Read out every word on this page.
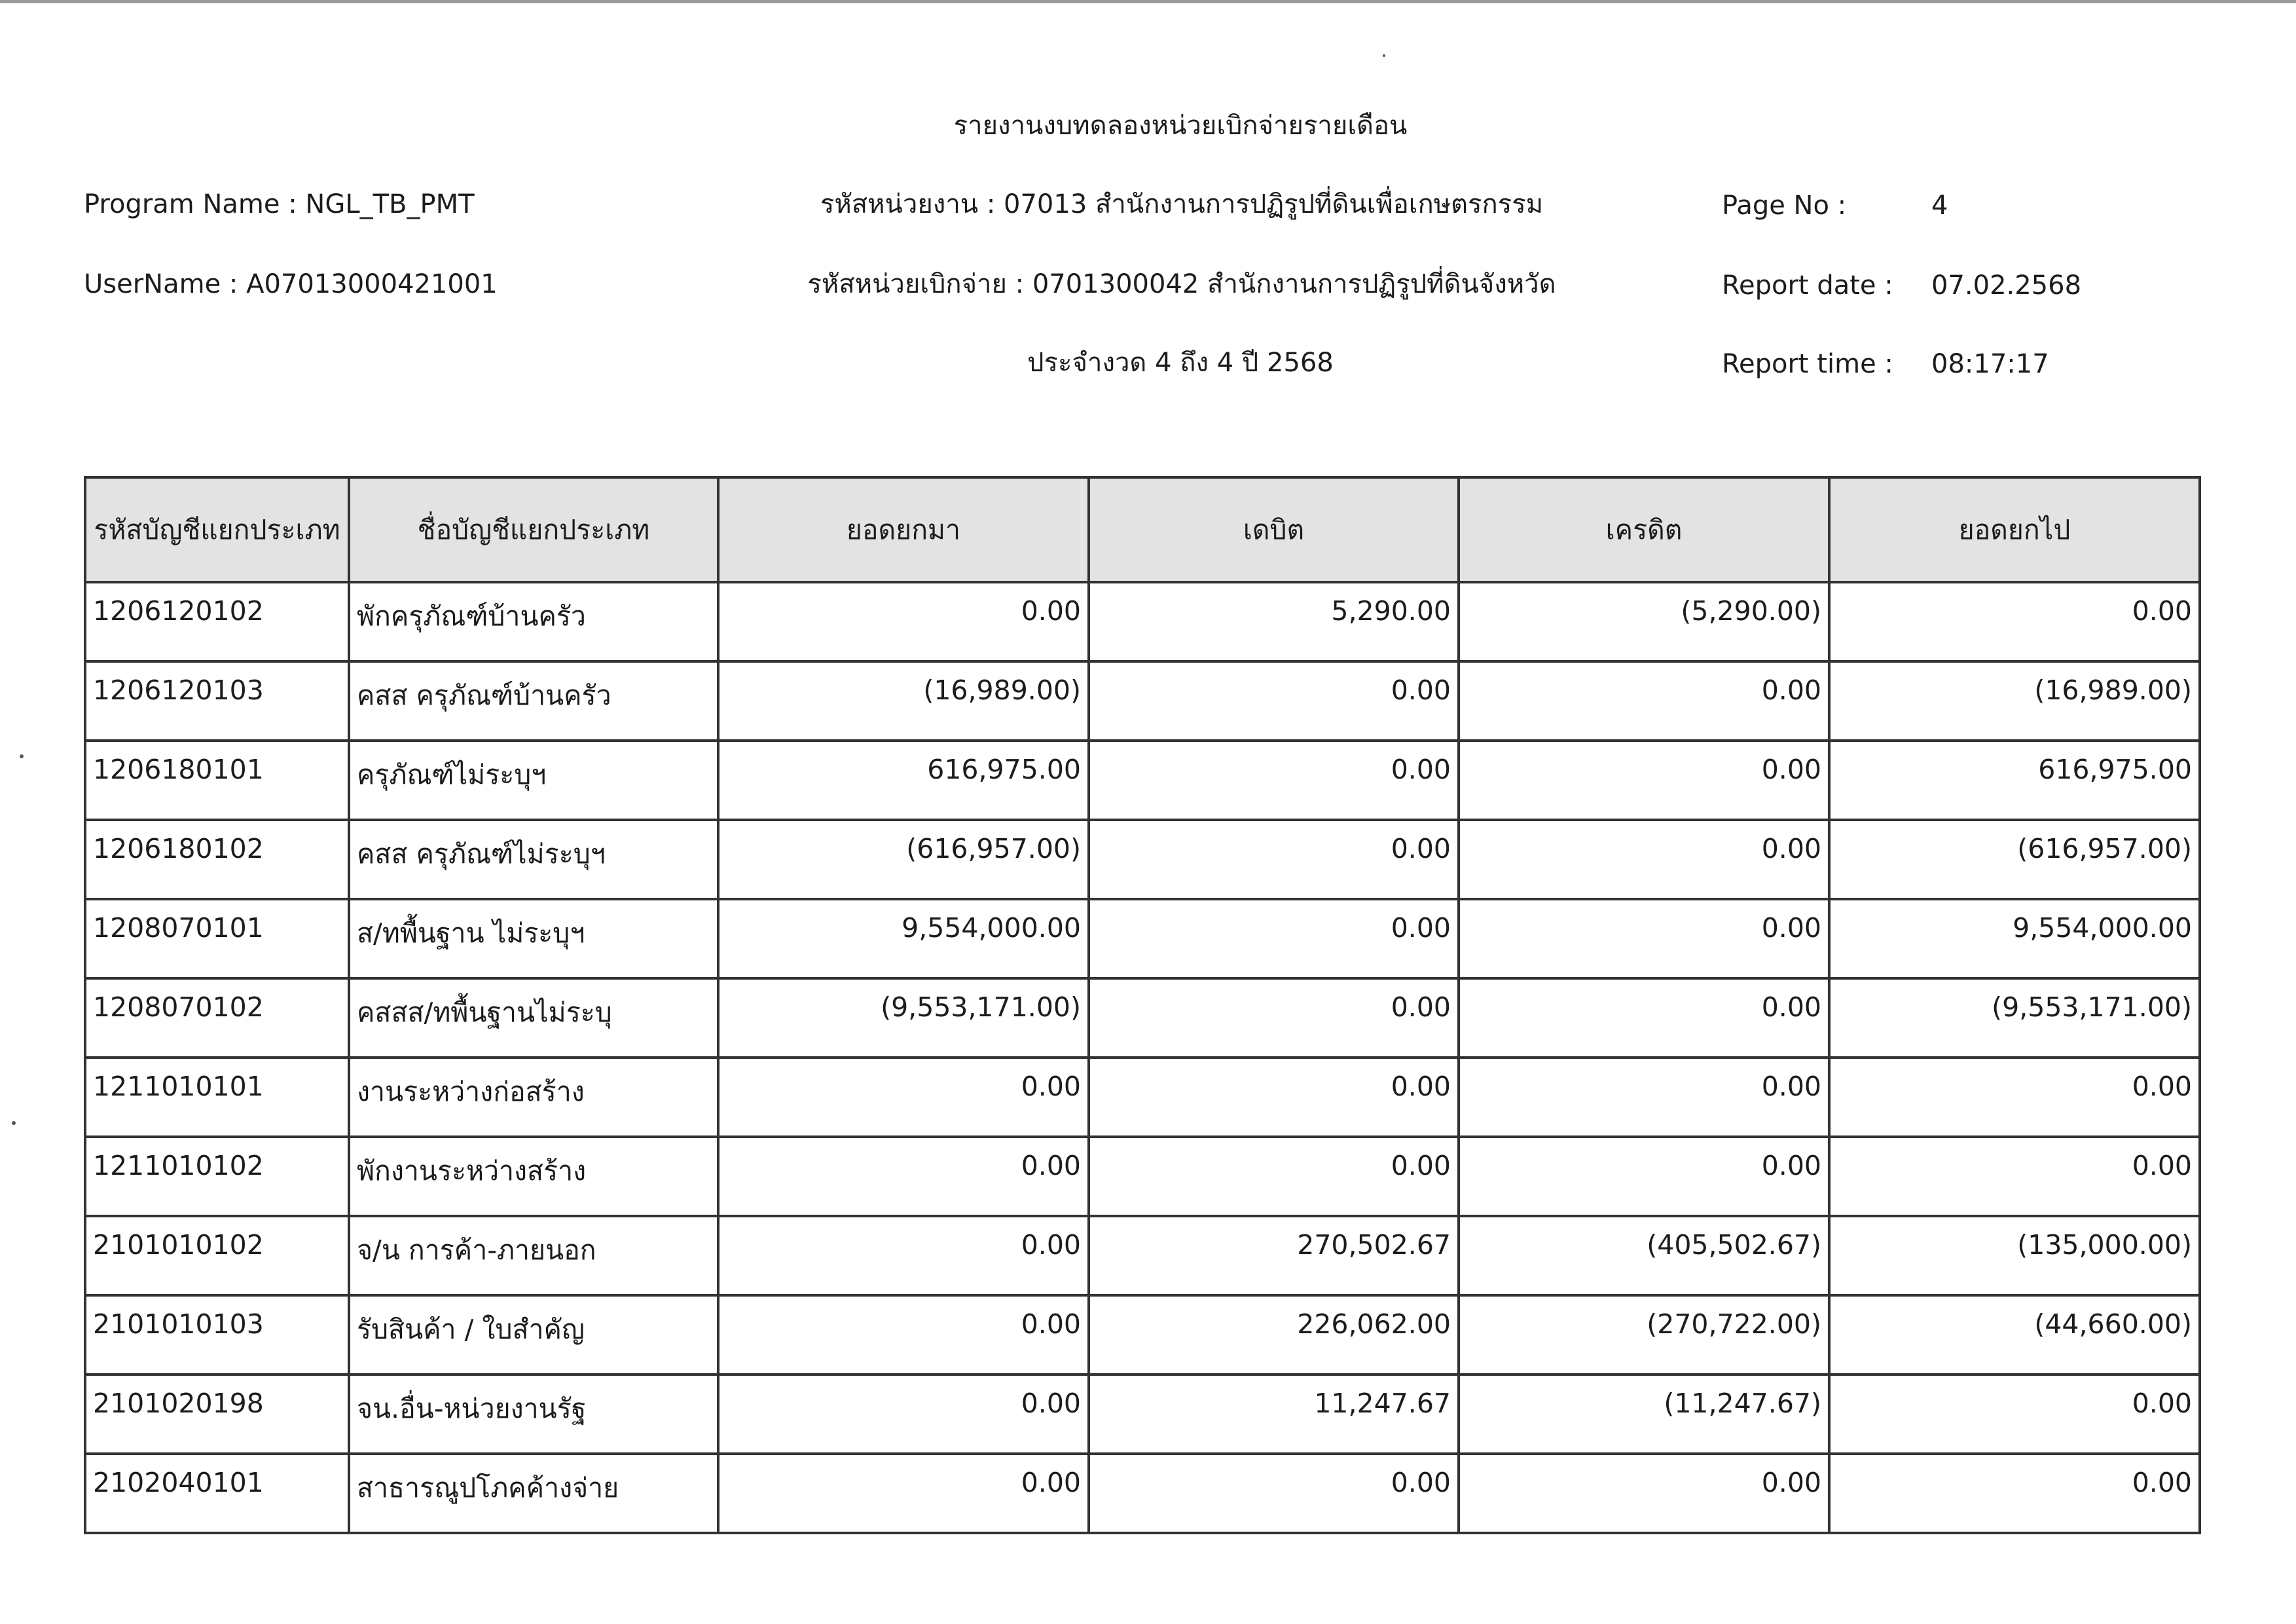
รายงานงบทดลองหน่วยเบิกจ่ายรายเดือน
Program Name : NGL_TB_PMT
UserName : A07013000421001
รหัสหน่วยงาน : 07013 สำนักงานการปฏิรูปที่ดินเพื่อเกษตรกรรม
รหัสหน่วยเบิกจ่าย : 0701300042 สำนักงานการปฏิรูปที่ดินจังหวัด
ประจำงวด 4 ถึง 4 ปี 2568
Page No :	4
Report date : 07.02.2568
Report time : 08:17:17
รหัสบัญชีแยกประเภท	ชื่อบัญชีแยกประเภท	ยอดยกมา	เดบิต	เครดิต	ยอดยกไป
1206120102	พักครุภัณฑ์บ้านครัว	0.00	5,290.00	(5,290.00)	0.00
1206120103	คสส ครุภัณฑ์บ้านครัว	(16,989.00)	0.00	0.00	(16,989.00)
1206180101	ครุภัณฑ์ไม่ระบุฯ	616,975.00	0.00	0.00	616,975.00
1206180102	คสส ครุภัณฑ์ไม่ระบุฯ	(616,957.00)	0.00	0.00	(616,957.00)
1208070101	ส/ทพื้นฐาน ไม่ระบุฯ	9,554,000.00	0.00	0.00	9,554,000.00
1208070102	คสสส/ทพื้นฐานไม่ระบุ	(9,553,171.00)	0.00	0.00	(9,553,171.00)
1211010101	งานระหว่างก่อสร้าง	0.00	0.00	0.00	0.00
1211010102	พักงานระหว่างสร้าง	0.00	0.00	0.00	0.00
2101010102	จ/น การค้า-ภายนอก	0.00	270,502.67	(405,502.67)	(135,000.00)
2101010103	รับสินค้า / ใบสำคัญ	0.00	226,062.00	(270,722.00)	(44,660.00)
2101020198	จน.อื่น-หน่วยงานรัฐ	0.00	11,247.67	(11,247.67)	0.00
2102040101	สาธารณูปโภคค้างจ่าย	0.00	0.00	0.00	0.00
